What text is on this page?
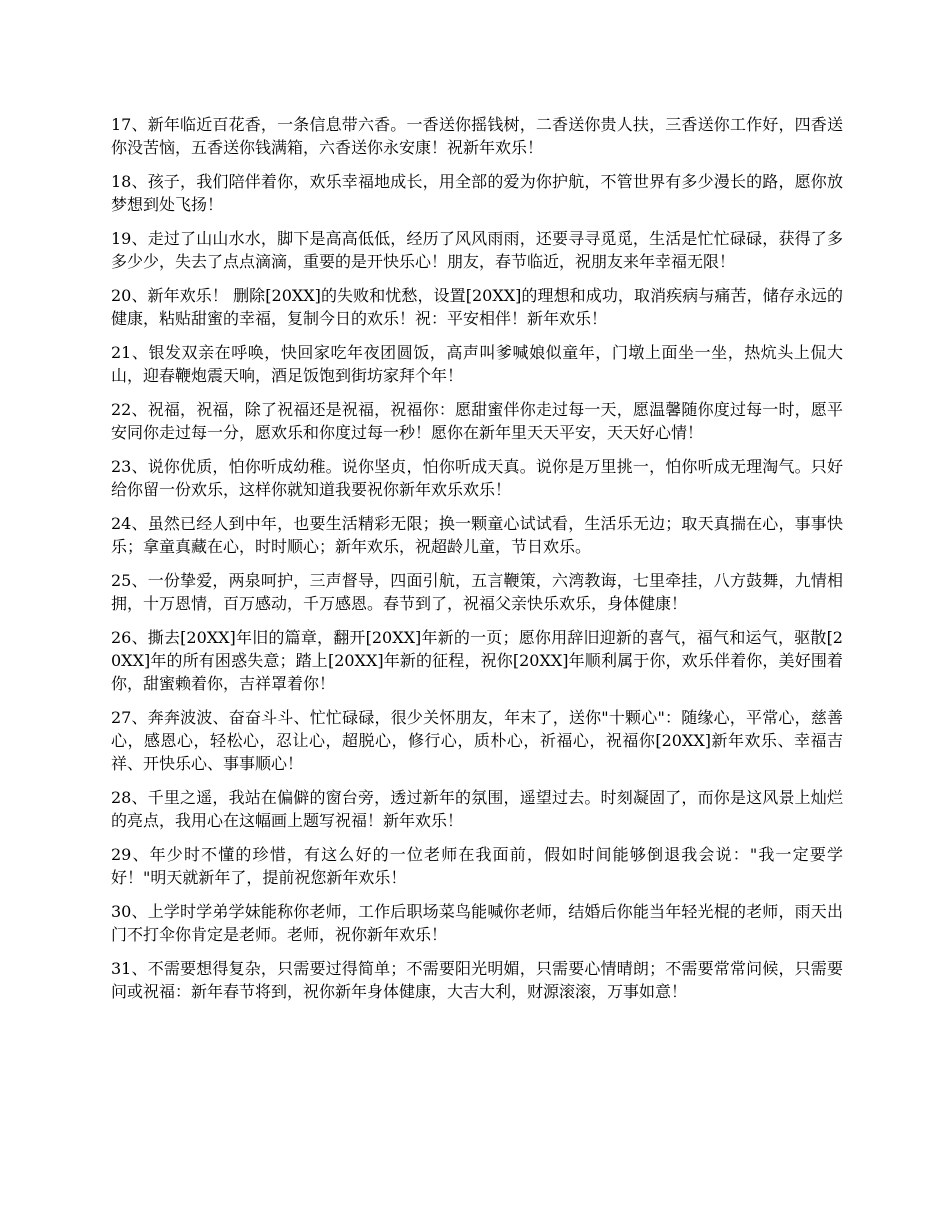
17、新年临近百花香，一条信息带六香。一香送你摇钱树，二香送你贵人扶，三香送你工作好，四香送你没苦恼，五香送你钱满箱，六香送你永安康！祝新年欢乐！

18、孩子，我们陪伴着你，欢乐幸福地成长，用全部的爱为你护航，不管世界有多少漫长的路，愿你放梦想到处飞扬！

19、走过了山山水水，脚下是高高低低，经历了风风雨雨，还要寻寻觅觅，生活是忙忙碌碌，获得了多多少少，失去了点点滴滴，重要的是开快乐心！朋友，春节临近，祝朋友来年幸福无限！

20、新年欢乐！ 删除[20XX]的失败和忧愁，设置[20XX]的理想和成功，取消疾病与痛苦，储存永远的健康，粘贴甜蜜的幸福，复制今日的欢乐！祝：平安相伴！新年欢乐！

21、银发双亲在呼唤，快回家吃年夜团圆饭，高声叫爹喊娘似童年，门墩上面坐一坐，热炕头上侃大山，迎春鞭炮震天响，酒足饭饱到街坊家拜个年！

22、祝福，祝福，除了祝福还是祝福，祝福你：愿甜蜜伴你走过每一天，愿温馨随你度过每一时，愿平安同你走过每一分，愿欢乐和你度过每一秒！愿你在新年里天天平安，天天好心情！

23、说你优质，怕你听成幼稚。说你坚贞，怕你听成天真。说你是万里挑一，怕你听成无理淘气。只好给你留一份欢乐，这样你就知道我要祝你新年欢乐欢乐！

24、虽然已经人到中年，也要生活精彩无限；换一颗童心试试看，生活乐无边；取天真揣在心，事事快乐；拿童真藏在心，时时顺心；新年欢乐，祝超龄儿童，节日欢乐。

25、一份挚爱，两泉呵护，三声督导，四面引航，五言鞭策，六湾教诲，七里牵挂，八方鼓舞，九情相拥，十万恩情，百万感动，千万感恩。春节到了，祝福父亲快乐欢乐，身体健康！

26、撕去[20XX]年旧的篇章，翻开[20XX]年新的一页；愿你用辞旧迎新的喜气，福气和运气，驱散[20XX]年的所有困惑失意；踏上[20XX]年新的征程，祝你[20XX]年顺利属于你，欢乐伴着你，美好围着你，甜蜜赖着你，吉祥罩着你！

27、奔奔波波、奋奋斗斗、忙忙碌碌，很少关怀朋友，年末了，送你"十颗心"：随缘心，平常心，慈善心，感恩心，轻松心，忍让心，超脱心，修行心，质朴心，祈福心，祝福你[20XX]新年欢乐、幸福吉祥、开快乐心、事事顺心！

28、千里之遥，我站在偏僻的窗台旁，透过新年的氛围，遥望过去。时刻凝固了，而你是这风景上灿烂的亮点，我用心在这幅画上题写祝福！新年欢乐！

29、年少时不懂的珍惜，有这么好的一位老师在我面前，假如时间能够倒退我会说："我一定要学好！"明天就新年了，提前祝您新年欢乐！

30、上学时学弟学妹能称你老师，工作后职场菜鸟能喊你老师，结婚后你能当年轻光棍的老师，雨天出门不打伞你肯定是老师。老师，祝你新年欢乐！

31、不需要想得复杂，只需要过得简单；不需要阳光明媚，只需要心情晴朗；不需要常常问候，只需要问或祝福：新年春节将到，祝你新年身体健康，大吉大利，财源滚滚，万事如意！
